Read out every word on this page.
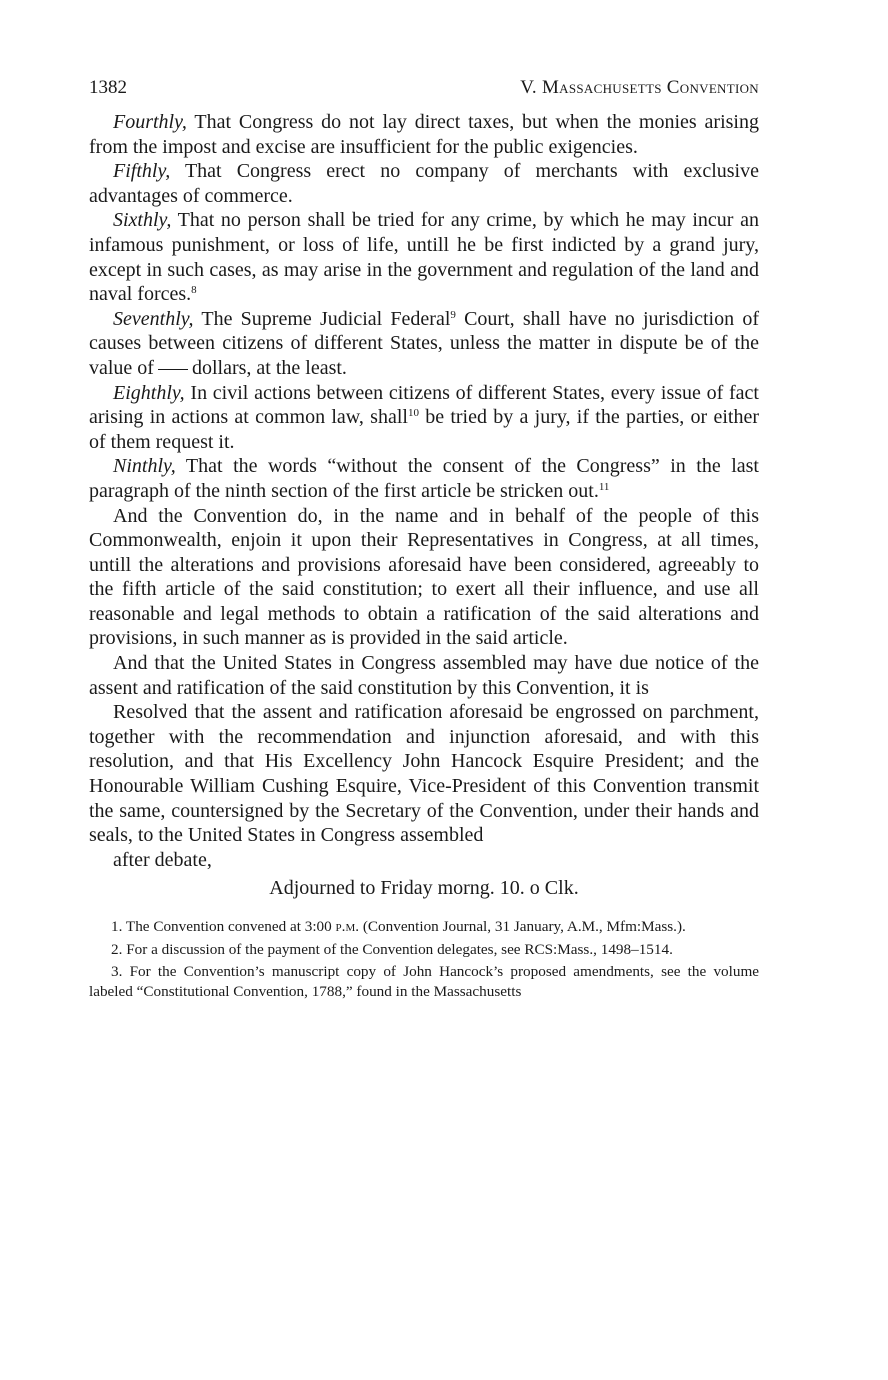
1382	V. Massachusetts Convention

Fourthly, That Congress do not lay direct taxes, but when the monies arising from the impost and excise are insufficient for the public exigencies.

Fifthly, That Congress erect no company of merchants with exclusive advantages of commerce.

Sixthly, That no person shall be tried for any crime, by which he may incur an infamous punishment, or loss of life, untill he be first indicted by a grand jury, except in such cases, as may arise in the government and regulation of the land and naval forces.$^8$

Seventhly, The Supreme Judicial Federal$^9$ Court, shall have no jurisdiction of causes between citizens of different States, unless the matter in dispute be of the value of dollars, at the least.

Eighthly, In civil actions between citizens of different States, every issue of fact arising in actions at common law, shall$^{10}$ be tried by a jury, if the parties, or either of them request it.

Ninthly, That the words “without the consent of the Congress” in the last paragraph of the ninth section of the first article be stricken out.$^{11}$

And the Convention do, in the name and in behalf of the people of this Commonwealth, enjoin it upon their Representatives in Congress, at all times, untill the alterations and provisions aforesaid have been considered, agreeably to the fifth article of the said constitution; to exert all their influence, and use all reasonable and legal methods to obtain a ratification of the said alterations and provisions, in such manner as is provided in the said article.

And that the United States in Congress assembled may have due notice of the assent and ratification of the said constitution by this Convention, it is

Resolved that the assent and ratification aforesaid be engrossed on parchment, together with the recommendation and injunction aforesaid, and with this resolution, and that His Excellency John Hancock Esquire President; and the Honourable William Cushing Esquire, Vice-President of this Convention transmit the same, countersigned by the Secretary of the Convention, under their hands and seals, to the United States in Congress assembled

after debate,

Adjourned to Friday morng. 10. o Clk.

1. The Convention convened at 3:00 p.m. (Convention Journal, 31 January, A.M., Mfm:Mass.).

2. For a discussion of the payment of the Convention delegates, see RCS:Mass., 1498–1514.

3. For the Convention’s manuscript copy of John Hancock’s proposed amendments, see the volume labeled “Constitutional Convention, 1788,” found in the Massachusetts
